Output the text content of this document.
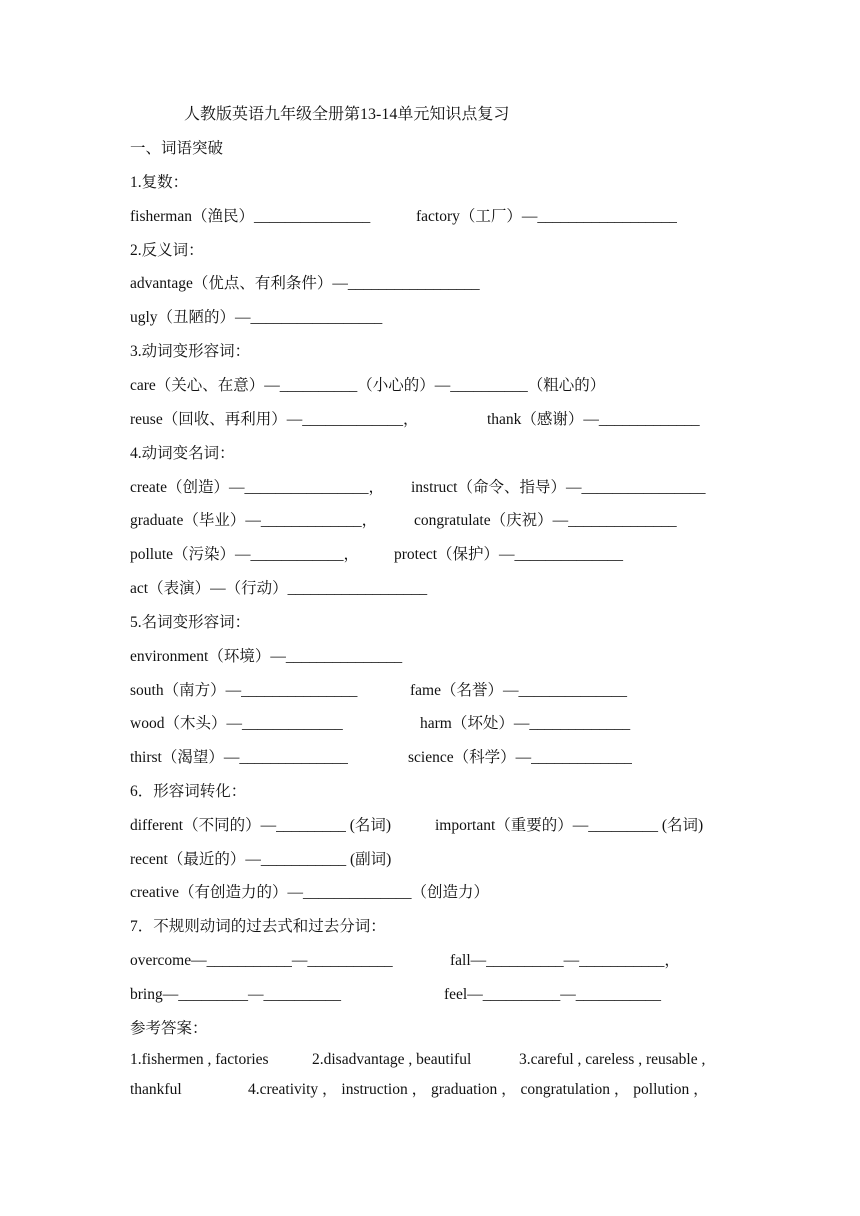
人教版英语九年级全册第13-14单元知识点复习
一、词语突破
1.复数：
fisherman（渔民）_______________	factory（工厂）—__________________
2.反义词：
advantage（优点、有利条件）—_________________
ugly（丑陋的）—_________________
3.动词变形容词：
care（关心、在意）—__________（小心的）—__________（粗心的）
reuse（回收、再利用）—_____________，	thank（感谢）—_____________
4.动词变名词：
create（创造）—________________， instruct（命令、指导）—________________
graduate（毕业）—_____________， congratulate（庆祝）—______________
pollute（污染）—____________， protect（保护）—______________
act（表演）—（行动）__________________
5.名词变形容词：
environment（环境）—_______________
south（南方）—_______________	fame（名誉）—______________
wood（木头）—_____________	harm（坏处）—_____________
thirst（渴望）—______________	science（科学）—_____________
6．形容词转化：
different（不同的）—_________ (名词)	important（重要的）—_________ (名词)
recent（最近的）—___________ (副词)
creative（有创造力的）—______________（创造力）
7．不规则动词的过去式和过去分词：
overcome—___________—___________	fall—__________—___________，
bring—_________—__________	feel—__________—___________
参考答案：
1.fishermen , factories	2.disadvantage , beautiful	3.careful , careless , reusable ,
thankful	4.creativity ， instruction ， graduation ， congratulation ， pollution ，
